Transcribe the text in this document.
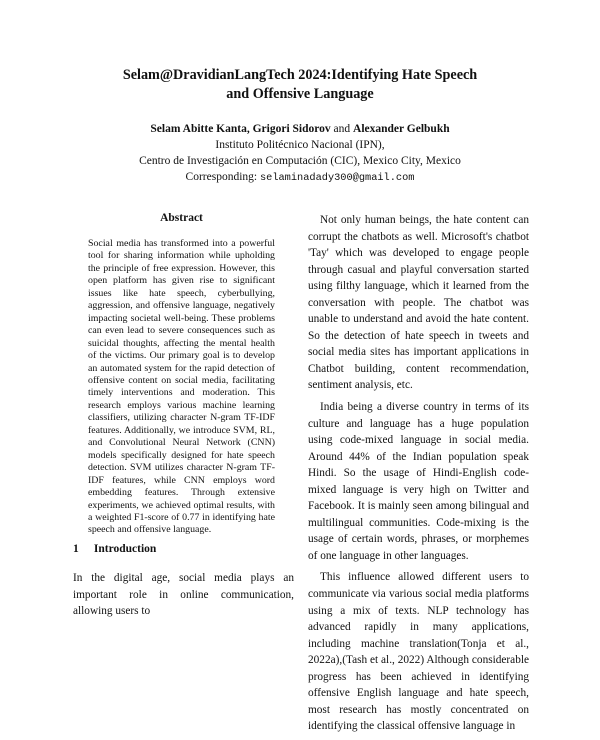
Selam@DravidianLangTech 2024:Identifying Hate Speech
and Offensive Language
Selam Abitte Kanta, Grigori Sidorov and Alexander Gelbukh
Instituto Politécnico Nacional (IPN),
Centro de Investigación en Computación (CIC), Mexico City, Mexico
Corresponding: selaminadady300@gmail.com
Abstract
Social media has transformed into a powerful tool for sharing information while upholding the principle of free expression. However, this open platform has given rise to significant issues like hate speech, cyberbullying, aggression, and offensive language, negatively impacting societal well-being. These problems can even lead to severe consequences such as suicidal thoughts, affecting the mental health of the victims. Our primary goal is to develop an automated system for the rapid detection of offensive content on social media, facilitating timely interventions and moderation. This research employs various machine learning classifiers, utilizing character N-gram TF-IDF features. Additionally, we introduce SVM, RL, and Convolutional Neural Network (CNN) models specifically designed for hate speech detection. SVM utilizes character N-gram TF-IDF features, while CNN employs word embedding features. Through extensive experiments, we achieved optimal results, with a weighted F1-score of 0.77 in identifying hate speech and offensive language.
1 Introduction
In the digital age, social media plays an important role in online communication, allowing users to

Not only human beings, the hate content can corrupt the chatbots as well. Microsoft's chatbot 'Tay' which was developed to engage people through casual and playful conversation started using filthy language, which it learned from the conversation with people. The chatbot was unable to understand and avoid the hate content. So the detection of hate speech in tweets and social media sites has important applications in Chatbot building, content recommendation, sentiment analysis, etc.

India being a diverse country in terms of its culture and language has a huge population using code-mixed language in social media. Around 44% of the Indian population speak Hindi. So the usage of Hindi-English code-mixed language is very high on Twitter and Facebook. It is mainly seen among bilingual and multilingual communities. Code-mixing is the usage of certain words, phrases, or morphemes of one language in other languages.

This influence allowed different users to communicate via various social media platforms using a mix of texts. NLP technology has advanced rapidly in many applications, including machine translation(Tonja et al., 2022a),(Tash et al., 2022) Although considerable progress has been achieved in identifying offensive English language and hate speech, most research has mostly concentrated on identifying the classical offensive language in
